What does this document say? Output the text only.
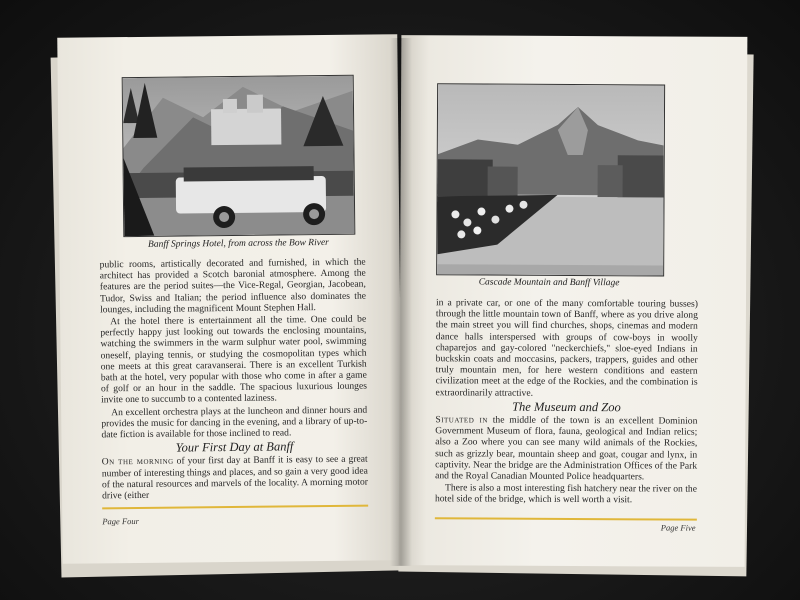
Banff Springs Hotel, from across the Bow River

public rooms, artistically decorated and furnished, in which the architect has provided a Scotch baronial atmosphere. Among the features are the period suites—the Vice-Regal, Georgian, Jacobean, Tudor, Swiss and Italian; the period influence also dominates the lounges, including the magnificent Mount Stephen Hall.

At the hotel there is entertainment all the time. One could be perfectly happy just looking out towards the enclosing mountains, watching the swimmers in the warm sulphur water pool, swimming oneself, playing tennis, or studying the cosmopolitan types which one meets at this great caravanserai. There is an excellent Turkish bath at the hotel, very popular with those who come in after a game of golf or an hour in the saddle. The spacious luxurious lounges invite one to succumb to a contented laziness.

An excellent orchestra plays at the luncheon and dinner hours and provides the music for dancing in the evening, and a library of up-to-date fiction is available for those inclined to read.

Your First Day at Banff

On the morning of your first day at Banff it is easy to see a great number of interesting things and places, and so gain a very good idea of the natural resources and marvels of the locality. A morning motor drive (either

Page Four
Cascade Mountain and Banff Village

in a private car, or one of the many comfortable touring busses) through the little mountain town of Banff, where as you drive along the main street you will find churches, shops, cinemas and modern dance halls interspersed with groups of cow-boys in woolly chaparejos and gay-colored "neckerchiefs," sloe-eyed Indians in buckskin coats and moccasins, packers, trappers, guides and other truly mountain men, for here western conditions and eastern civilization meet at the edge of the Rockies, and the combination is extraordinarily attractive.

The Museum and Zoo

Situated in the middle of the town is an excellent Dominion Government Museum of flora, fauna, geological and Indian relics; also a Zoo where you can see many wild animals of the Rockies, such as grizzly bear, mountain sheep and goat, cougar and lynx, in captivity. Near the bridge are the Administration Offices of the Park and the Royal Canadian Mounted Police headquarters.

There is also a most interesting fish hatchery near the river on the hotel side of the bridge, which is well worth a visit.

Page Five
